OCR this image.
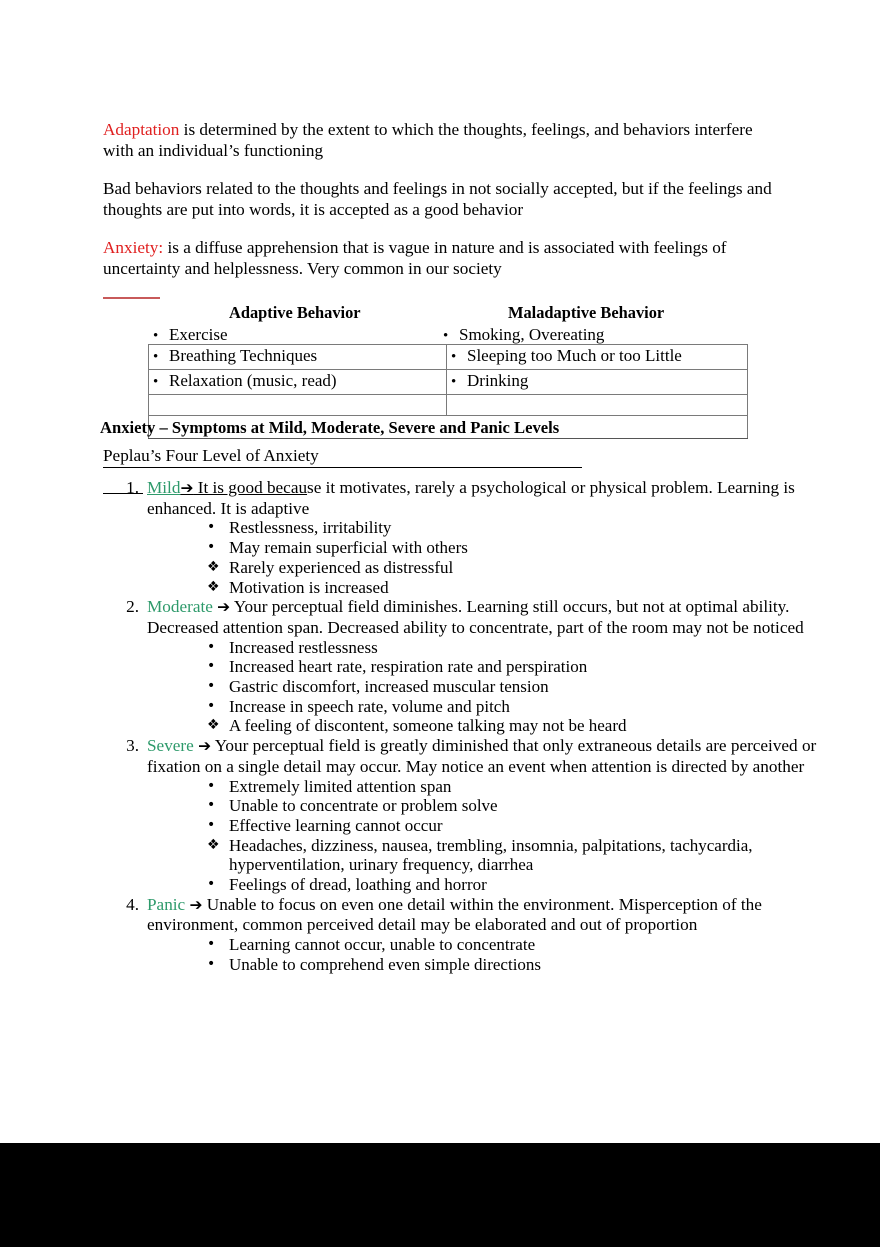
Adaptation is determined by the extent to which the thoughts, feelings, and behaviors interfere with an individual’s functioning

Bad behaviors related to the thoughts and feelings in not socially accepted, but if the feelings and thoughts are put into words, it is accepted as a good behavior

Anxiety: is a diffuse apprehension that is vague in nature and is associated with feelings of uncertainty and helplessness. Very common in our society

Adaptive Behavior	Maladaptive Behavior
• Exercise	• Smoking, Overeating
• Breathing Techniques	• Sleeping too Much or too Little
• Relaxation (music, read)	• Drinking

Anxiety – Symptoms at Mild, Moderate, Severe and Panic Levels	
Peplau’s Four Level of Anxiety
1 . Mild➔ It is good because it motivates, rarely a psychological or physical problem. Learning is enhanced. It is adaptive
• Restlessness, irritability
• May remain superficial with others
❖ Rarely experienced as distressful
❖ Motivation is increased
2 . Moderate ➔ Your perceptual field diminishes. Learning still occurs, but not at optimal ability. Decreased attention span. Decreased ability to concentrate, part of the room may not be noticed
• Increased restlessness
• Increased heart rate, respiration rate and perspiration
• Gastric discomfort, increased muscular tension
• Increase in speech rate, volume and pitch
❖ A feeling of discontent, someone talking may not be heard
3 . Severe ➔ Your perceptual field is greatly diminished that only extraneous details are perceived or fixation on a single detail may occur. May notice an event when attention is directed by another
• Extremely limited attention span
• Unable to concentrate or problem solve
• Effective learning cannot occur
❖ Headaches, dizziness, nausea, trembling, insomnia, palpitations, tachycardia, hyperventilation, urinary frequency, diarrhea
• Feelings of dread, loathing and horror
4 . Panic ➔ Unable to focus on even one detail within the environment. Misperception of the environment, common perceived detail may be elaborated and out of proportion
• Learning cannot occur, unable to concentrate
• Unable to comprehend even simple directions
